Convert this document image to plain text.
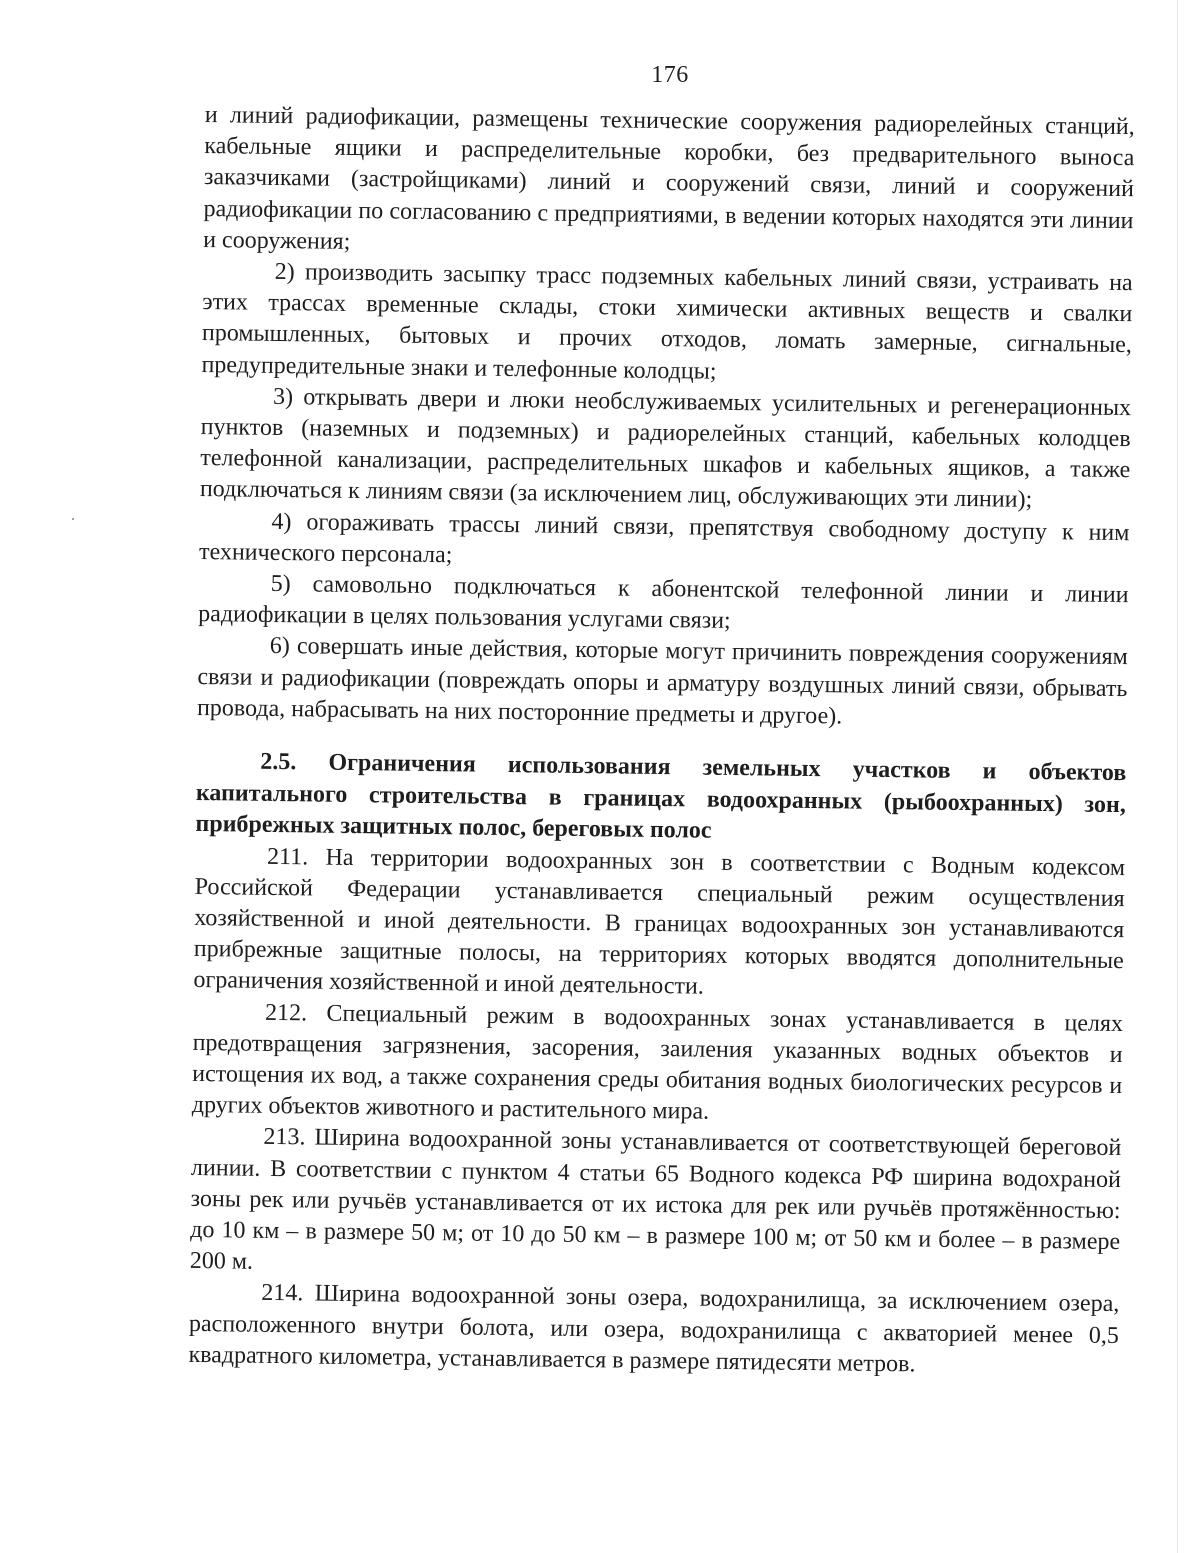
176

и линий радиофикации, размещены технические сооружения радиорелейных станций, кабельные ящики и распределительные коробки, без предварительного выноса заказчиками (застройщиками) линий и сооружений связи, линий и сооружений радиофикации по согласованию с предприятиями, в ведении которых находятся эти линии и сооружения;

2) производить засыпку трасс подземных кабельных линий связи, устраивать на этих трассах временные склады, стоки химически активных веществ и свалки промышленных, бытовых и прочих отходов, ломать замерные, сигнальные, предупредительные знаки и телефонные колодцы;

3) открывать двери и люки необслуживаемых усилительных и регенерационных пунктов (наземных и подземных) и радиорелейных станций, кабельных колодцев телефонной канализации, распределительных шкафов и кабельных ящиков, а также подключаться к линиям связи (за исключением лиц, обслуживающих эти линии);

4) огораживать трассы линий связи, препятствуя свободному доступу к ним технического персонала;

5) самовольно подключаться к абонентской телефонной линии и линии радиофикации в целях пользования услугами связи;

6) совершать иные действия, которые могут причинить повреждения сооружениям связи и радиофикации (повреждать опоры и арматуру воздушных линий связи, обрывать провода, набрасывать на них посторонние предметы и другое).

2.5. Ограничения использования земельных участков и объектов капитального строительства в границах водоохранных (рыбоохранных) зон, прибрежных защитных полос, береговых полос

211. На территории водоохранных зон в соответствии с Водным кодексом Российской Федерации устанавливается специальный режим осуществления хозяйственной и иной деятельности. В границах водоохранных зон устанавливаются прибрежные защитные полосы, на территориях которых вводятся дополнительные ограничения хозяйственной и иной деятельности.

212. Специальный режим в водоохранных зонах устанавливается в целях предотвращения загрязнения, засорения, заиления указанных водных объектов и истощения их вод, а также сохранения среды обитания водных биологических ресурсов и других объектов животного и растительного мира.

213. Ширина водоохранной зоны устанавливается от соответствующей береговой линии. В соответствии с пунктом 4 статьи 65 Водного кодекса РФ ширина водохраной зоны рек или ручьёв устанавливается от их истока для рек или ручьёв протяжённостью: до 10 км – в размере 50 м; от 10 до 50 км – в размере 100 м; от 50 км и более – в размере 200 м.

214. Ширина водоохранной зоны озера, водохранилища, за исключением озера, расположенного внутри болота, или озера, водохранилища с акваторией менее 0,5 квадратного километра, устанавливается в размере пятидесяти метров.
